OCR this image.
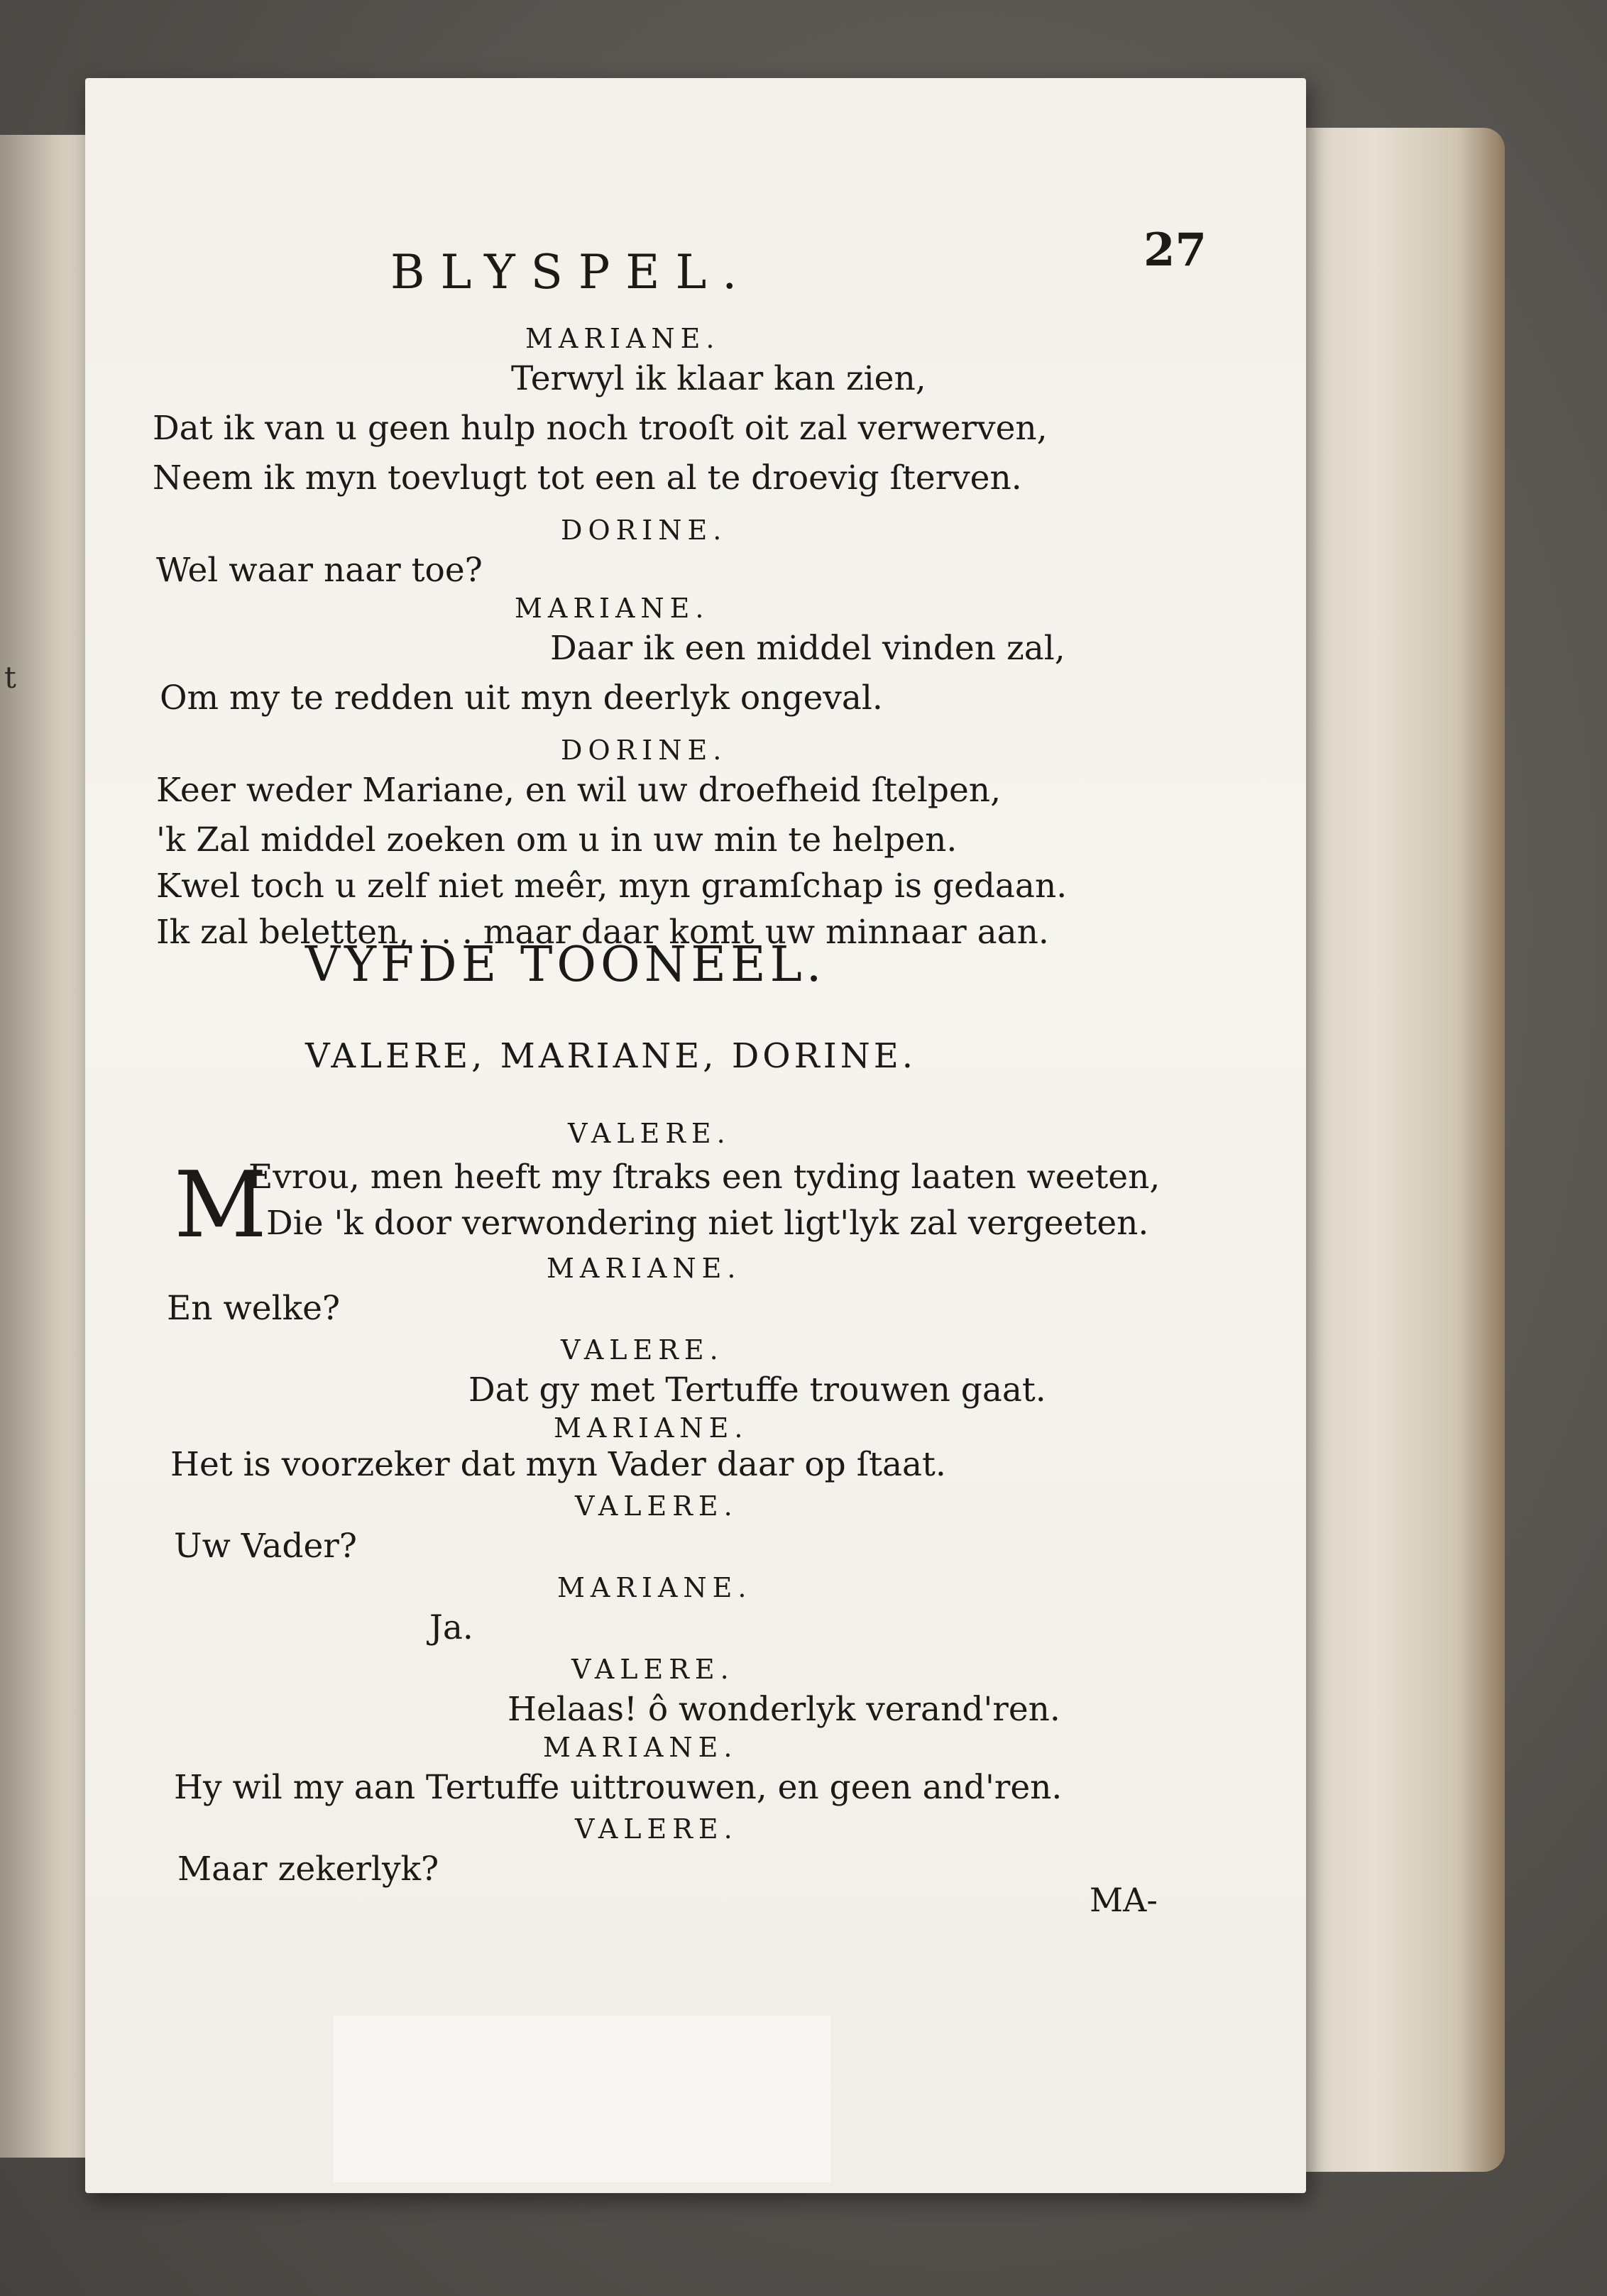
t
BLYSPEL.	27
MARIANE.
Terwyl ik klaar kan zien,
Dat ik van u geen hulp noch trooſt oit zal verwerven,
Neem ik myn toevlugt tot een al te droevig ſterven.
DORINE.
Wel waar naar toe?
MARIANE.
Daar ik een middel vinden zal,
Om my te redden uit myn deerlyk ongeval.
DORINE.
Keer weder Mariane, en wil uw droefheid ſtelpen,
'k Zal middel zoeken om u in uw min te helpen.
Kwel toch u zelf niet meêr, myn gramſchap is gedaan.
Ik zal beletten, . . . maar daar komt uw minnaar aan.
VYFDE TOONEEL.
VALERE, MARIANE, DORINE.
VALERE.
M
Evrou, men heeft my ſtraks een tyding laaten weeten,
Die 'k door verwondering niet ligt'lyk zal vergeeten.
MARIANE.
En welke?
VALERE.
Dat gy met Tertuffe trouwen gaat.
MARIANE.
Het is voorzeker dat myn Vader daar op ſtaat.
VALERE.
Uw Vader?
MARIANE.
Ja.
VALERE.
Helaas! ô wonderlyk verand'ren.
MARIANE.
Hy wil my aan Tertuffe uittrouwen, en geen and'ren.
VALERE.
Maar zekerlyk?
MA-
